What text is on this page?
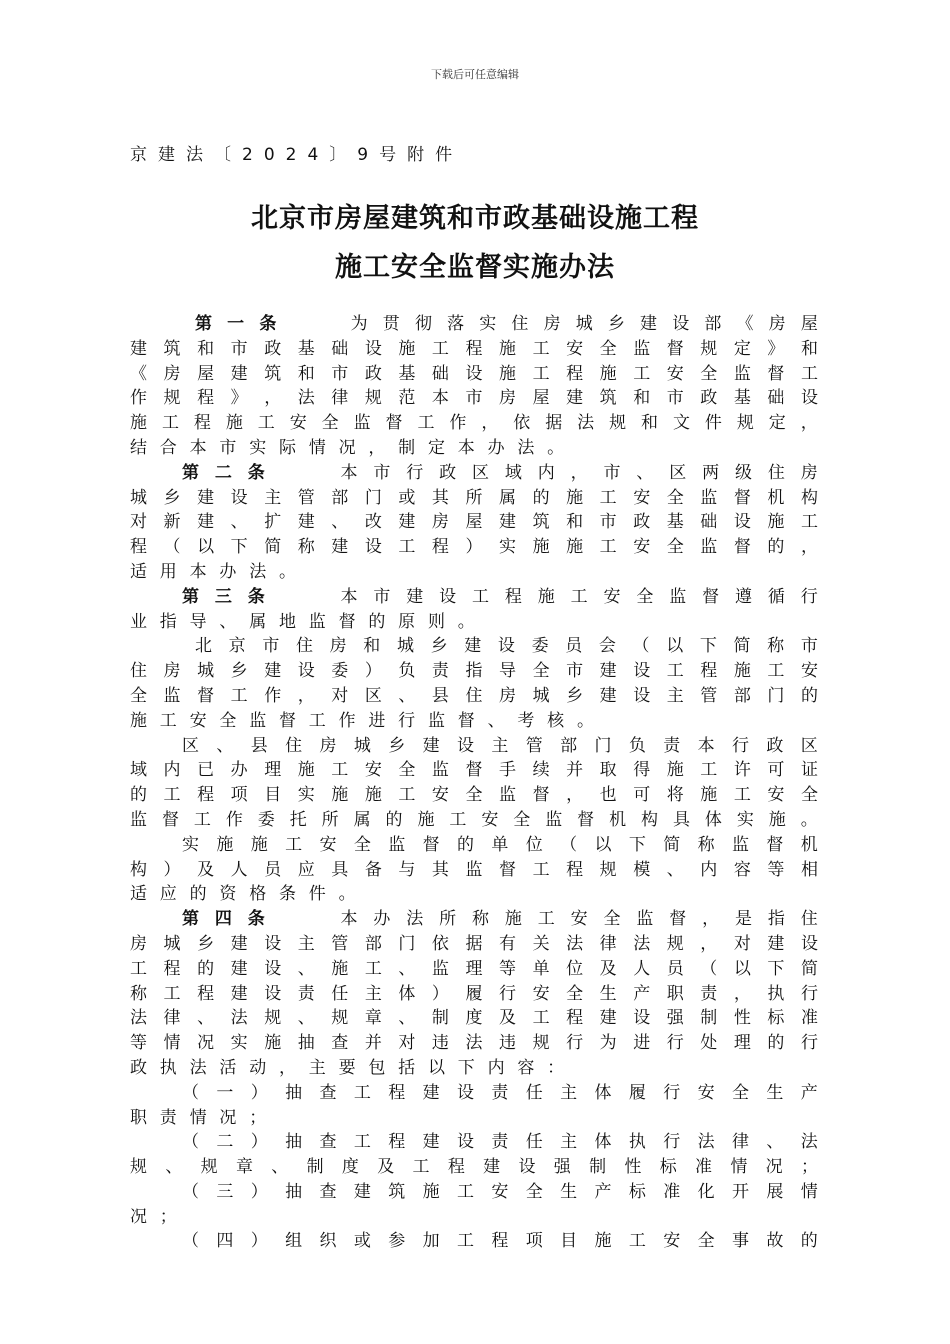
下载后可任意编辑
京建法〔2024〕9号附件
北京市房屋建筑和市政基础设施工程
施工安全监督实施办法
第 一 条	为 贯 彻 落 实 住 房 城 乡 建 设 部 《 房 屋
建 筑 和 市 政 基 础 设 施 工 程 施 工 安 全 监 督 规 定 》 和
《 房 屋 建 筑 和 市 政 基 础 设 施 工 程 施 工 安 全 监 督 工
作 规 程 》 ， 法 律 规 范 本 市 房 屋 建 筑 和 市 政 基 础 设
施 工 程 施 工 安 全 监 督 工 作 ， 依 据 法 规 和 文 件 规 定 ，
结 合 本 市 实 际 情 况 ， 制 定 本 办 法 。
第 二 条	本 市 行 政 区 域 内 ， 市 、 区 两 级 住 房
城 乡 建 设 主 管 部 门 或 其 所 属 的 施 工 安 全 监 督 机 构
对 新 建 、 扩 建 、 改 建 房 屋 建 筑 和 市 政 基 础 设 施 工
程 （ 以 下 简 称 建 设 工 程 ） 实 施 施 工 安 全 监 督 的 ，
适 用 本 办 法 。
第 三 条	本 市 建 设 工 程 施 工 安 全 监 督 遵 循 行
业 指 导 、 属 地 监 督 的 原 则 。
北 京 市 住 房 和 城 乡 建 设 委 员 会 （ 以 下 简 称 市
住 房 城 乡 建 设 委 ） 负 责 指 导 全 市 建 设 工 程 施 工 安
全 监 督 工 作 ， 对 区 、 县 住 房 城 乡 建 设 主 管 部 门 的
施 工 安 全 监 督 工 作 进 行 监 督 、 考 核 。
区 、 县 住 房 城 乡 建 设 主 管 部 门 负 责 本 行 政 区
域 内 已 办 理 施 工 安 全 监 督 手 续 并 取 得 施 工 许 可 证
的 工 程 项 目 实 施 施 工 安 全 监 督 ， 也 可 将 施 工 安 全
监 督 工 作 委 托 所 属 的 施 工 安 全 监 督 机 构 具 体 实 施 。
实 施 施 工 安 全 监 督 的 单 位 （ 以 下 简 称 监 督 机
构 ） 及 人 员 应 具 备 与 其 监 督 工 程 规 模 、 内 容 等 相
适 应 的 资 格 条 件 。
第 四 条	本 办 法 所 称 施 工 安 全 监 督 ， 是 指 住
房 城 乡 建 设 主 管 部 门 依 据 有 关 法 律 法 规 ， 对 建 设
工 程 的 建 设 、 施 工 、 监 理 等 单 位 及 人 员 （ 以 下 简
称 工 程 建 设 责 任 主 体 ） 履 行 安 全 生 产 职 责 ， 执 行
法 律 、 法 规 、 规 章 、 制 度 及 工 程 建 设 强 制 性 标 准
等 情 况 实 施 抽 查 并 对 违 法 违 规 行 为 进 行 处 理 的 行
政 执 法 活 动 ， 主 要 包 括 以 下 内 容 ：
（ 一 ） 抽 查 工 程 建 设 责 任 主 体 履 行 安 全 生 产
职 责 情 况 ；
（ 二 ） 抽 查 工 程 建 设 责 任 主 体 执 行 法 律 、 法
规 、 规 章 、 制 度 及 工 程 建 设 强 制 性 标 准 情 况 ；
（ 三 ） 抽 查 建 筑 施 工 安 全 生 产 标 准 化 开 展 情
况 ；
（ 四 ） 组 织 或 参 加 工 程 项 目 施 工 安 全 事 故 的
